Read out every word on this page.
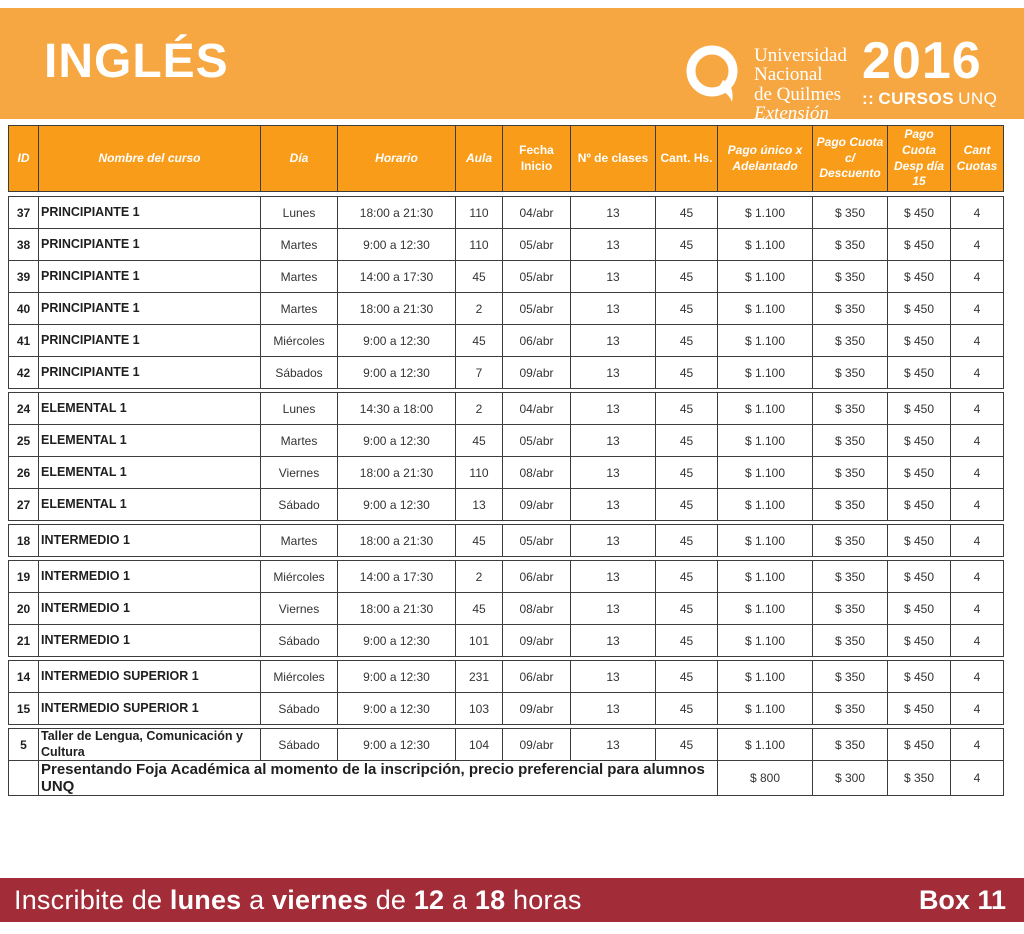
INGLÉS	Universidad
Nacional
de Quilmes
Extensión
2016
:: CURSOS UNQ
ID	Nombre del curso	Día	Horario	Aula	Fecha Inicio	Nº de clases	Cant. Hs.	Pago único x Adelantado	Pago Cuota c/ Descuento	Pago Cuota Desp día 15	Cant Cuotas
37	PRINCIPIANTE 1	Lunes	18:00 a 21:30	110	04/abr	13	45	$ 1.100	$ 350	$ 450	4
38	PRINCIPIANTE 1	Martes	9:00 a 12:30	110	05/abr	13	45	$ 1.100	$ 350	$ 450	4
39	PRINCIPIANTE 1	Martes	14:00 a 17:30	45	05/abr	13	45	$ 1.100	$ 350	$ 450	4
40	PRINCIPIANTE 1	Martes	18:00 a 21:30	2	05/abr	13	45	$ 1.100	$ 350	$ 450	4
41	PRINCIPIANTE 1	Miércoles	9:00 a 12:30	45	06/abr	13	45	$ 1.100	$ 350	$ 450	4
42	PRINCIPIANTE 1	Sábados	9:00 a 12:30	7	09/abr	13	45	$ 1.100	$ 350	$ 450	4
24	ELEMENTAL 1	Lunes	14:30 a 18:00	2	04/abr	13	45	$ 1.100	$ 350	$ 450	4
25	ELEMENTAL 1	Martes	9:00 a 12:30	45	05/abr	13	45	$ 1.100	$ 350	$ 450	4
26	ELEMENTAL 1	Viernes	18:00 a 21:30	110	08/abr	13	45	$ 1.100	$ 350	$ 450	4
27	ELEMENTAL 1	Sábado	9:00 a 12:30	13	09/abr	13	45	$ 1.100	$ 350	$ 450	4
18	INTERMEDIO 1	Martes	18:00 a 21:30	45	05/abr	13	45	$ 1.100	$ 350	$ 450	4
19	INTERMEDIO 1	Miércoles	14:00 a 17:30	2	06/abr	13	45	$ 1.100	$ 350	$ 450	4
20	INTERMEDIO 1	Viernes	18:00 a 21:30	45	08/abr	13	45	$ 1.100	$ 350	$ 450	4
21	INTERMEDIO 1	Sábado	9:00 a 12:30	101	09/abr	13	45	$ 1.100	$ 350	$ 450	4
14	INTERMEDIO SUPERIOR 1	Miércoles	9:00 a 12:30	231	06/abr	13	45	$ 1.100	$ 350	$ 450	4
15	INTERMEDIO SUPERIOR 1	Sábado	9:00 a 12:30	103	09/abr	13	45	$ 1.100	$ 350	$ 450	4
5	Taller de Lengua, Comunicación y Cultura	Sábado	9:00 a 12:30	104	09/abr	13	45	$ 1.100	$ 350	$ 450	4
	Presentando Foja Académica al momento de la inscripción, precio preferencial para alumnos UNQ							$ 800	$ 300	$ 350	4
Inscribite de lunes a viernes de 12 a 18 horas	Box 11
